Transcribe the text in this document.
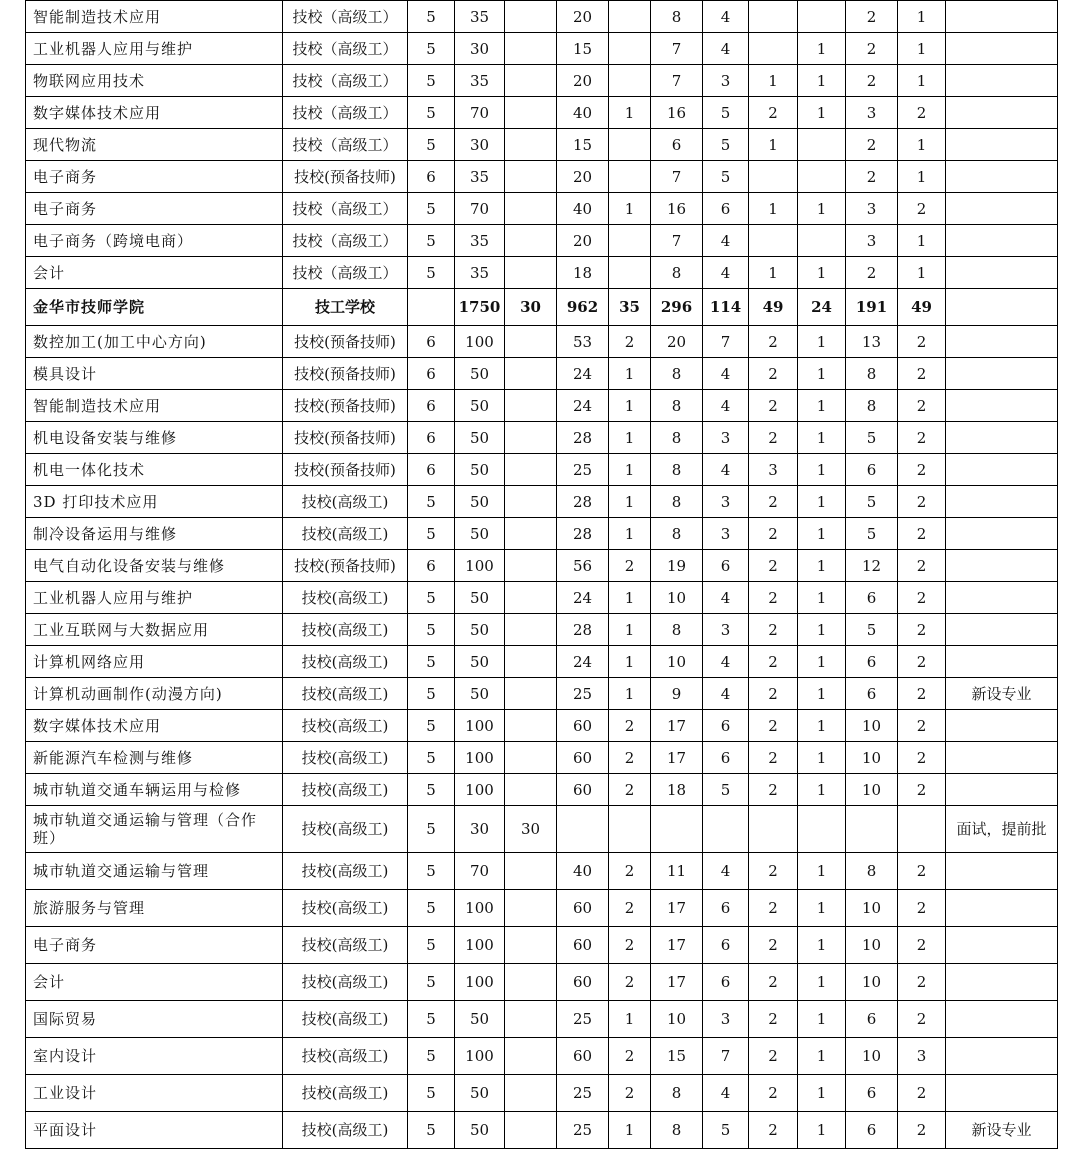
智能制造技术应用	技校（高级工）	5	35		20		8	4			2	1	
工业机器人应用与维护	技校（高级工）	5	30		15		7	4		1	2	1	
物联网应用技术	技校（高级工）	5	35		20		7	3	1	1	2	1	
数字媒体技术应用	技校（高级工）	5	70		40	1	16	5	2	1	3	2	
现代物流	技校（高级工）	5	30		15		6	5	1		2	1	
电子商务	技校(预备技师)	6	35		20		7	5			2	1	
电子商务	技校（高级工）	5	70		40	1	16	6	1	1	3	2	
电子商务（跨境电商）	技校（高级工）	5	35		20		7	4			3	1	
会计	技校（高级工）	5	35		18		8	4	1	1	2	1	
金华市技师学院	技工学校		1750	30	962	35	296	114	49	24	191	49	
数控加工(加工中心方向)	技校(预备技师)	6	100		53	2	20	7	2	1	13	2	
模具设计	技校(预备技师)	6	50		24	1	8	4	2	1	8	2	
智能制造技术应用	技校(预备技师)	6	50		24	1	8	4	2	1	8	2	
机电设备安装与维修	技校(预备技师)	6	50		28	1	8	3	2	1	5	2	
机电一体化技术	技校(预备技师)	6	50		25	1	8	4	3	1	6	2	
3D 打印技术应用	技校(高级工)	5	50		28	1	8	3	2	1	5	2	
制冷设备运用与维修	技校(高级工)	5	50		28	1	8	3	2	1	5	2	
电气自动化设备安装与维修	技校(预备技师)	6	100		56	2	19	6	2	1	12	2	
工业机器人应用与维护	技校(高级工)	5	50		24	1	10	4	2	1	6	2	
工业互联网与大数据应用	技校(高级工)	5	50		28	1	8	3	2	1	5	2	
计算机网络应用	技校(高级工)	5	50		24	1	10	4	2	1	6	2	
计算机动画制作(动漫方向)	技校(高级工)	5	50		25	1	9	4	2	1	6	2	新设专业
数字媒体技术应用	技校(高级工)	5	100		60	2	17	6	2	1	10	2	
新能源汽车检测与维修	技校(高级工)	5	100		60	2	17	6	2	1	10	2	
城市轨道交通车辆运用与检修	技校(高级工)	5	100		60	2	18	5	2	1	10	2	
城市轨道交通运输与管理（合作班）	技校(高级工)	5	30	30									面试，提前批
城市轨道交通运输与管理	技校(高级工)	5	70		40	2	11	4	2	1	8	2	
旅游服务与管理	技校(高级工)	5	100		60	2	17	6	2	1	10	2	
电子商务	技校(高级工)	5	100		60	2	17	6	2	1	10	2	
会计	技校(高级工)	5	100		60	2	17	6	2	1	10	2	
国际贸易	技校(高级工)	5	50		25	1	10	3	2	1	6	2	
室内设计	技校(高级工)	5	100		60	2	15	7	2	1	10	3	
工业设计	技校(高级工)	5	50		25	2	8	4	2	1	6	2	
平面设计	技校(高级工)	5	50		25	1	8	5	2	1	6	2	新设专业
